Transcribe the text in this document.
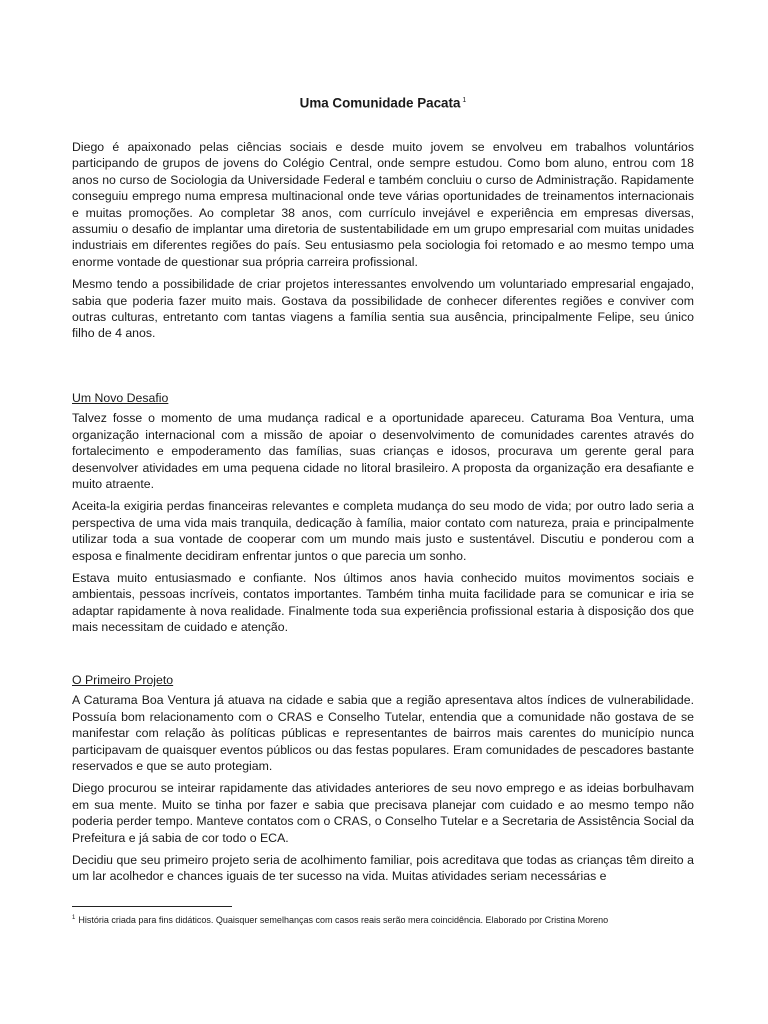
Uma Comunidade Pacata $^1$

Diego é apaixonado pelas ciências sociais e desde muito jovem se envolveu em trabalhos voluntários participando de grupos de jovens do Colégio Central, onde sempre estudou. Como bom aluno, entrou com 18 anos no curso de Sociologia da Universidade Federal e também concluiu o curso de Administração. Rapidamente conseguiu emprego numa empresa multinacional onde teve várias oportunidades de treinamentos internacionais e muitas promoções. Ao completar 38 anos, com currículo invejável e experiência em empresas diversas, assumiu o desafio de implantar uma diretoria de sustentabilidade em um grupo empresarial com muitas unidades industriais em diferentes regiões do país. Seu entusiasmo pela sociologia foi retomado e ao mesmo tempo uma enorme vontade de questionar sua própria carreira profissional.

Mesmo tendo a possibilidade de criar projetos interessantes envolvendo um voluntariado empresarial engajado, sabia que poderia fazer muito mais. Gostava da possibilidade de conhecer diferentes regiões e conviver com outras culturas, entretanto com tantas viagens a família sentia sua ausência, principalmente Felipe, seu único filho de 4 anos.

Um Novo Desafio

Talvez fosse o momento de uma mudança radical e a oportunidade apareceu. Caturama Boa Ventura, uma organização internacional com a missão de apoiar o desenvolvimento de comunidades carentes através do fortalecimento e empoderamento das famílias, suas crianças e idosos, procurava um gerente geral para desenvolver atividades em uma pequena cidade no litoral brasileiro. A proposta da organização era desafiante e muito atraente.

Aceita-la exigiria perdas financeiras relevantes e completa mudança do seu modo de vida; por outro lado seria a perspectiva de uma vida mais tranquila, dedicação à família, maior contato com natureza, praia e principalmente utilizar toda a sua vontade de cooperar com um mundo mais justo e sustentável. Discutiu e ponderou com a esposa e finalmente decidiram enfrentar juntos o que parecia um sonho.

Estava muito entusiasmado e confiante. Nos últimos anos havia conhecido muitos movimentos sociais e ambientais, pessoas incríveis, contatos importantes. Também tinha muita facilidade para se comunicar e iria se adaptar rapidamente à nova realidade. Finalmente toda sua experiência profissional estaria à disposição dos que mais necessitam de cuidado e atenção.

O Primeiro Projeto

A Caturama Boa Ventura já atuava na cidade e sabia que a região apresentava altos índices de vulnerabilidade. Possuía bom relacionamento com o CRAS e Conselho Tutelar, entendia que a comunidade não gostava de se manifestar com relação às políticas públicas e representantes de bairros mais carentes do município nunca participavam de quaisquer eventos públicos ou das festas populares. Eram comunidades de pescadores bastante reservados e que se auto protegiam.

Diego procurou se inteirar rapidamente das atividades anteriores de seu novo emprego e as ideias borbulhavam em sua mente. Muito se tinha por fazer e sabia que precisava planejar com cuidado e ao mesmo tempo não poderia perder tempo. Manteve contatos com o CRAS, o Conselho Tutelar e a Secretaria de Assistência Social da Prefeitura e já sabia de cor todo o ECA.

Decidiu que seu primeiro projeto seria de acolhimento familiar, pois acreditava que todas as crianças têm direito a um lar acolhedor e chances iguais de ter sucesso na vida. Muitas atividades seriam necessárias e

$^1$ História criada para fins didáticos. Quaisquer semelhanças com casos reais serão mera coincidência. Elaborado por Cristina Moreno
